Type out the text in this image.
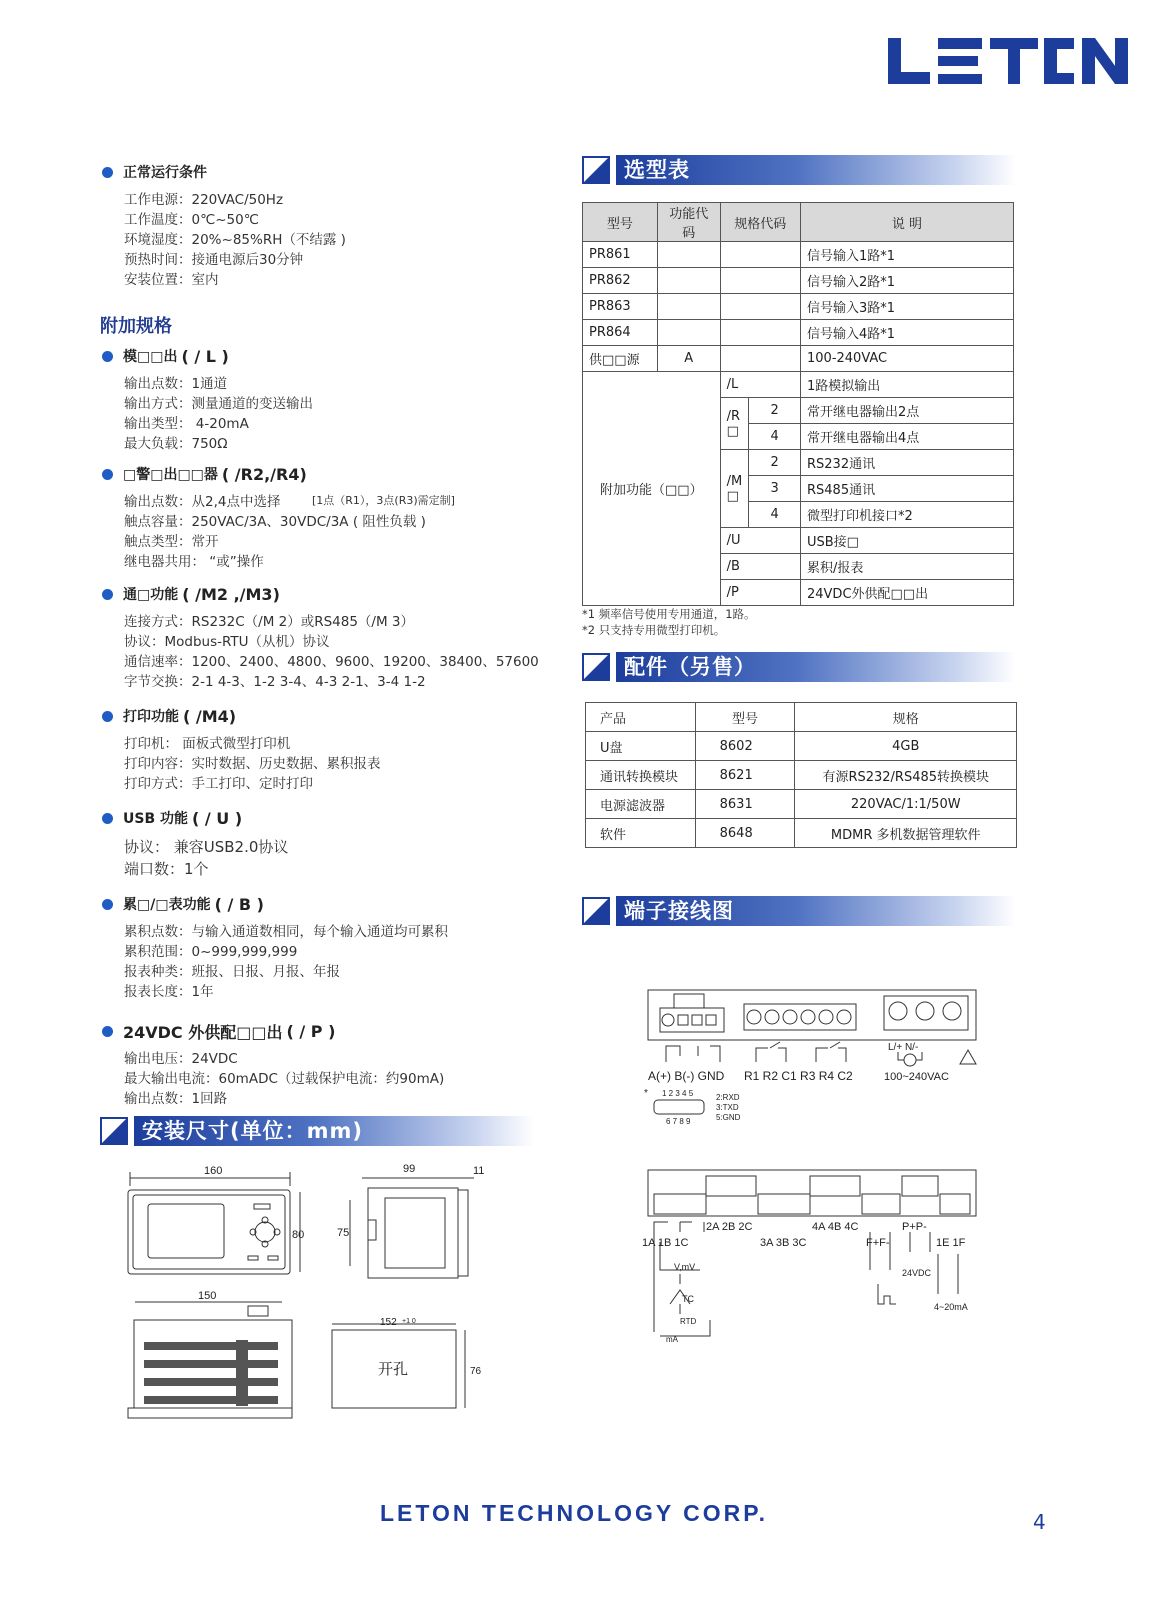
LETON
正常运行条件
工作电源：220VAC/50Hz
工作温度：0℃~50℃
环境湿度：20%~85%RH（不结露 )
预热时间：接通电源后30分钟
安装位置：室内
附加规格
模□□出 ( / L )
输出点数：1通道
输出方式：测量通道的变送输出
输出类型： 4-20mA
最大负载：750Ω
□警□出□□器 ( /R2,/R4)
输出点数：从2,4点中选择
触点容量：250VAC/3A、30VDC/3A ( 阻性负载 )
触点类型：常开
继电器共用： “或”操作
[1点（R1），3点(R3)需定制]
通□功能 ( /M2 ,/M3)
连接方式：RS232C（/M 2）或RS485（/M 3）
协议：Modbus-RTU（从机）协议
通信速率：1200、2400、4800、9600、19200、38400、57600
字节交换：2-1 4-3、1-2 3-4、4-3 2-1、3-4 1-2
打印功能 ( /M4)
打印机： 面板式微型打印机
打印内容：实时数据、历史数据、累积报表
打印方式：手工打印、定时打印
USB 功能 ( / U )
协议： 兼容USB2.0协议
端口数：1个
累□/□表功能 ( / B )
累积点数：与输入通道数相同，每个输入通道均可累积
累积范围：0~999,999,999
报表种类：班报、日报、月报、年报
报表长度：1年
24VDC 外供配□□出 ( / P )
输出电压：24VDC
最大输出电流：60mADC（过载保护电流：约90mA)
输出点数：1回路
安装尺寸(单位：mm)
160
80
99	11
75
150
152
76
+1 0
开孔
选型表
型号	功能代码	规格代码		说 明
PR861				信号输入1路*1
PR862				信号输入2路*1
PR863				信号输入3路*1
PR864				信号输入4路*1
供□□源	A			100-240VAC
附加功能（□□）		/L		1路模拟输出
		/R □	2	常开继电器输出2点
			4	常开继电器输出4点
		/M □	2	RS232通讯
			3	RS485通讯
			4	微型打印机接口*2
		/U		USB接□
		/B		累积/报表
		/P		24VDC外供配□□出
*1 频率信号使用专用通道，1路。
*2 只支持专用微型打印机。
配件（另售）
产品	型号	规格
U盘	8602	4GB
通讯转换模块	8621	有源RS232/RS485转换模块
电源滤波器	8631	220VAC/1:1/50W
软件	8648	MDMR 多机数据管理软件
端子接线图
A(+) B(-) GND R1 R2 C1 R3 R4 C2	100~240VAC
L/+ N/-
1 2 3 4 5
6 7 8 9
*	2:RXD
3:TXD
5:GND
1A 1B 1C
2A 2B 2C
3A 3B 3C
4A 4B 4C	P+P-
F+F-	1E 1F
V,mV
TC
RTD
mA
24VDC
4~20mA
LETON TECHNOLOGY CORP.	4
